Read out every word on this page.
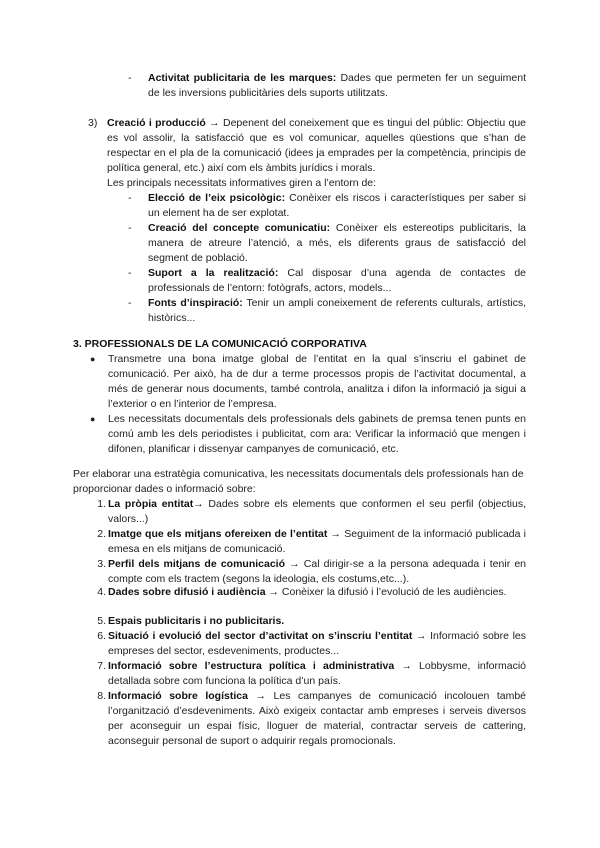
- Activitat publicitaria de les marques: Dades que permeten fer un seguiment de les inversions publicitàries dels suports utilitzats.
3) Creació i producció → Depenent del coneixement que es tingui del públic: Objectiu que es vol assolir, la satisfacció que es vol comunicar, aquelles qüestions que s’han de respectar en el pla de la comunicació (idees ja emprades per la competència, principis de política general, etc.) així com els àmbits jurídics i morals.
Les principals necessitats informatives giren a l’entorn de:
- Elecció de l’eix psicològic: Conèixer els riscos i característiques per saber si un element ha de ser explotat.
- Creació del concepte comunicatiu: Conèixer els estereotips publicitaris, la manera de atreure l’atenció, a més, els diferents graus de satisfacció del segment de població.
- Suport a la realització: Cal disposar d’una agenda de contactes de professionals de l’entorn: fotògrafs, actors, models...
- Fonts d’inspiració: Tenir un ampli coneixement de referents culturals, artístics, històrics...
3. PROFESSIONALS DE LA COMUNICACIÓ CORPORATIVA
● Transmetre una bona imatge global de l’entitat en la qual s’inscriu el gabinet de comunicació. Per això, ha de dur a terme processos propis de l’activitat documental, a més de generar nous documents, també controla, analitza i difon la informació ja sigui a l’exterior o en l’interior de l’empresa.
● Les necessitats documentals dels professionals dels gabinets de premsa tenen punts en comú amb les dels periodistes i publicitat, com ara: Verificar la informació que mengen i difonen, planificar i dissenyar campanyes de comunicació, etc.
Per elaborar una estratègia comunicativa, les necessitats documentals dels professionals han de proporcionar dades o informació sobre:
1. La pròpia entitat→ Dades sobre els elements que conformen el seu perfil (objectius, valors...)
2. Imatge que els mitjans ofereixen de l’entitat → Seguiment de la informació publicada i emesa en els mitjans de comunicació.
3. Perfil dels mitjans de comunicació → Cal dirigir-se a la persona adequada i tenir en compte com els tractem (segons la ideologia, els costums,etc...).
4. Dades sobre difusió i audiència → Conèixer la difusió i l’evolució de les audiències.
5. Espais publicitaris i no publicitaris.
6. Situació i evolució del sector d’activitat on s’inscriu l’entitat → Informació sobre les empreses del sector, esdeveniments, productes...
7. Informació sobre l’estructura política i administrativa → Lobbysme, informació detallada sobre com funciona la política d’un país.
8. Informació sobre logística → Les campanyes de comunicació incolouen també l’organització d’esdeveniments. Això exigeix contactar amb empreses i serveis diversos per aconseguir un espai físic, lloguer de material, contractar serveis de cattering, aconseguir personal de suport o adquirir regals promocionals.
